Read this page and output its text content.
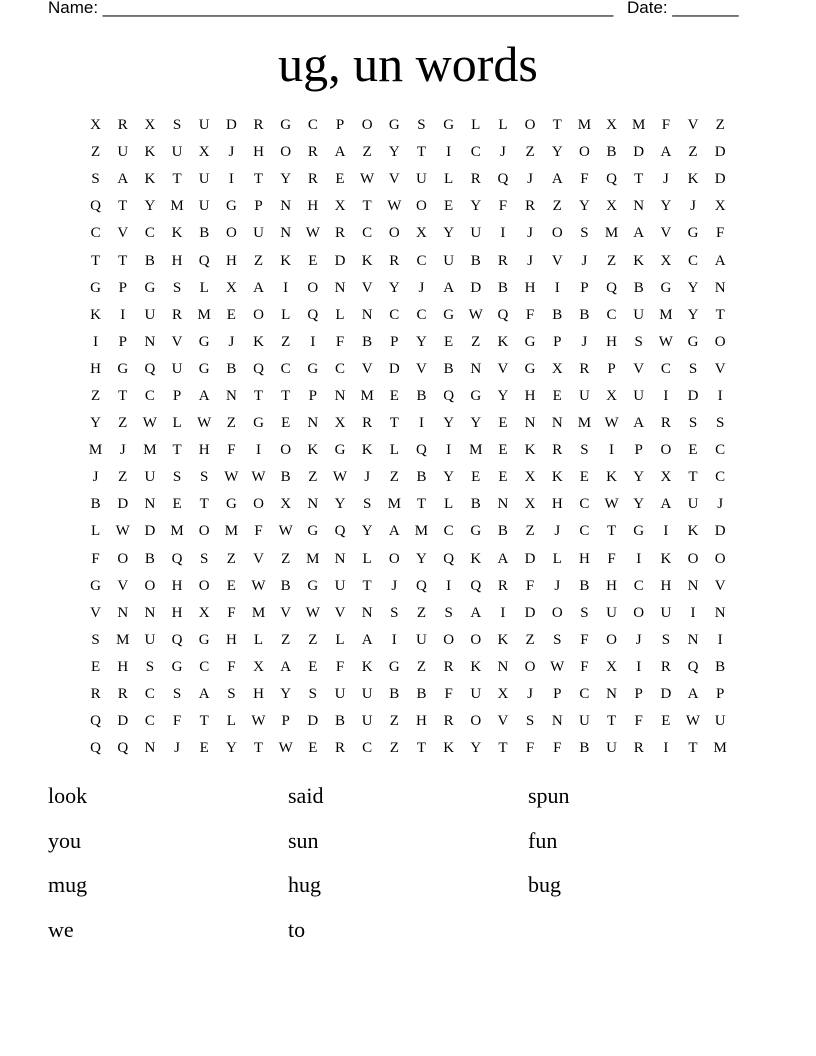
Name: ______________________________________________________ Date: _______
ug, un words
X	R	X	S	U	D	R	G	C	P	O	G	S	G	L	L	O	T	M	X	M	F	V	Z
Z	U	K	U	X	J	H	O	R	A	Z	Y	T	I	C	J	Z	Y	O	B	D	A	Z	D
S	A	K	T	U	I	T	Y	R	E	W V	U	L	R	Q	J	A	F	Q	T	J	K	D
Q	T	Y	M	U	G	P	N	H	X	T	W O	E	Y	F	R	Z	Y	X	N	Y	J	X
C	V	C	K	B	O	U	N W	R	C	O	X	Y	U	I	J	O	S	M	A	V	G	F
T	T	B	H	Q	H	Z	K	E	D	K	R	C	U	B	R	J	V	J	Z	K	X	C	A
G	P	G	S	L	X	A	I	O	N	V	Y	J	A	D	B	H	I	P	Q	B	G	Y	N
K	I	U	R	M	E	O	L	Q	L	N	C	C	G W Q	F	B	B	C	U	M	Y	T
I	P	N	V	G	J	K	Z	I	F	B	P	Y	E	Z	K	G	P	J	H	S	W G	O
H	G	Q	U	G	B	Q	C	G	C	V	D	V	B	N	V	G	X	R	P	V	C	S	V
Z	T	C	P	A	N	T	T	P	N	M	E	B	Q	G	Y	H	E	U	X	U	I	D	I
Y	Z	W	L	W	Z	G	E	N	X	R	T	I	Y	Y	E	N	N	M W A	R	S	S
M	J	M	T	H	F	I	O	K	G	K	L	Q	I	M	E	K	R	S	I	P	O	E	C
J	Z	U	S	S	W W	B	Z	W	J	Z	B	Y	E	E	X	K	E	K	Y	X	T	C
B	D	N	E	T	G	O	X	N	Y	S	M	T	L	B	N	X	H	C	W Y	A	U	J
L	W D	M	O	M	F	W G	Q	Y	A	M	C	G	B	Z	J	C	T	G	I	K	D
F	O	B	Q	S	Z	V	Z	M	N	L	O	Y	Q	K	A	D	L	H	F	I	K	O	O
G	V	O	H	O	E	W	B	G	U	T	J	Q	I	Q	R	F	J	B	H	C	H	N	V
V	N	N	H	X	F	M	V W V	N	S	Z	S	A	I	D	O	S	U	O	U	I	N
S	M	U	Q	G	H	L	Z	Z	L	A	I	U	O	O	K	Z	S	F	O	J	S	N	I
E	H	S	G	C	F	X	A	E	F	K	G	Z	R	K	N	O W	F	X	I	R	Q	B
R	R	C	S	A	S	H	Y	S	U	U	B	B	F	U	X	J	P	C	N	P	D	A	P
Q	D	C	F	T	L	W	P	D	B	U	Z	H	R	O	V	S	N	U	T	F	E	W U
Q	Q	N	J	E	Y	T	W	E	R	C	Z	T	K	Y	T	F	F	B	U	R	I	T	M
look	said	spun
you	sun	fun
mug	hug	bug
we	to
